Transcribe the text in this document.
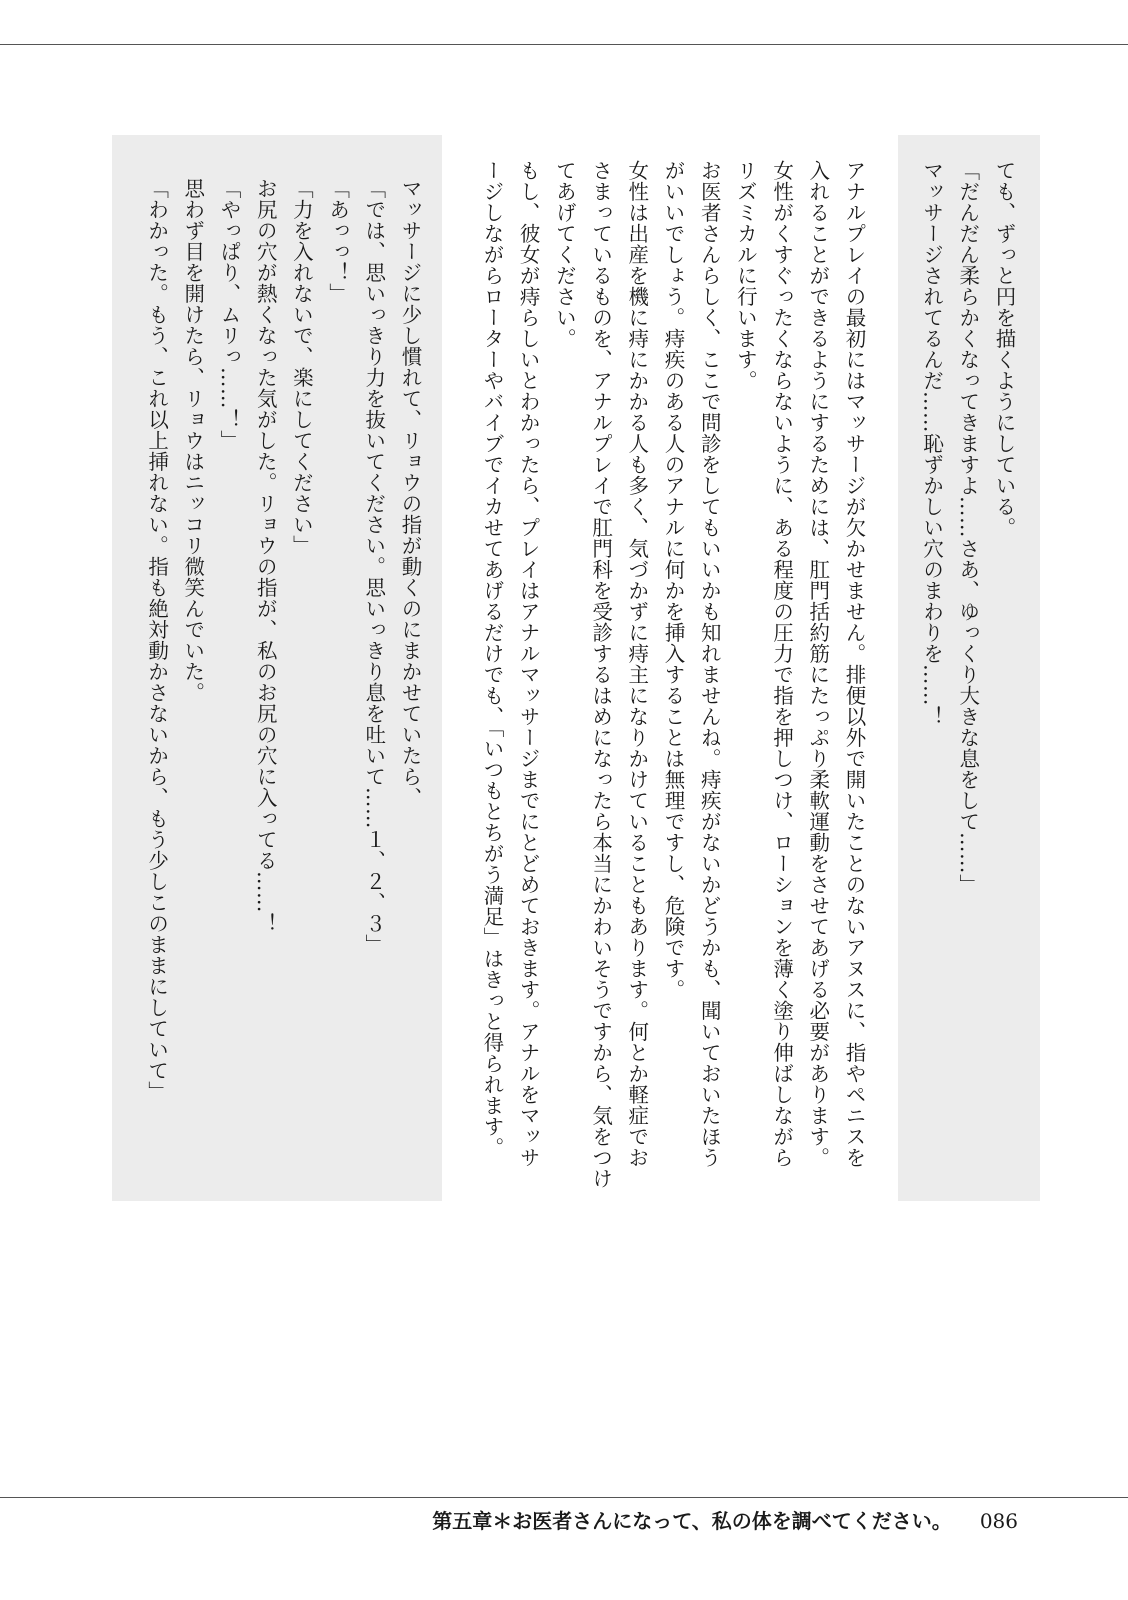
ても、ずっと円を描くようにしている。

「だんだん柔らかくなってきますよ……さあ、ゆっくり大きな息をして……」

マッサージされてるんだ……恥ずかしい穴のまわりを……！

アナルプレイの最初にはマッサージが欠かせません。排便以外で開いたことのないアヌスに、指やペニスを

入れることができるようにするためには、肛門括約筋にたっぷり柔軟運動をさせてあげる必要があります。

女性がくすぐったくならないように、ある程度の圧力で指を押しつけ、ローションを薄く塗り伸ばしながら

リズミカルに行います。

お医者さんらしく、ここで問診をしてもいいかも知れませんね。痔疾がないかどうかも、聞いておいたほう

がいいでしょう。痔疾のある人のアナルに何かを挿入することは無理ですし、危険です。

女性は出産を機に痔にかかる人も多く、気づかずに痔主になりかけていることもあります。何とか軽症でお

さまっているものを、アナルプレイで肛門科を受診するはめになったら本当にかわいそうですから、気をつけ

てあげてください。

もし、彼女が痔らしいとわかったら、プレイはアナルマッサージまでにとどめておきます。アナルをマッサ

ージしながらローターやバイブでイカせてあげるだけでも、「いつもとちがう満足」はきっと得られます。

マッサージに少し慣れて、リョウの指が動くのにまかせていたら、

「では、思いっきり力を抜いてください。思いっきり息を吐いて……１、２、３」

「あっっ！」

「力を入れないで、楽にしてください」

お尻の穴が熱くなった気がした。リョウの指が、私のお尻の穴に入ってる……！

「やっぱり、ムリっ……！」

思わず目を開けたら、リョウはニッコリ微笑んでいた。

「わかった。もう、これ以上挿れない。指も絶対動かさないから、もう少しこのままにしていて」

第五章＊お医者さんになって、私の体を調べてください。 086
